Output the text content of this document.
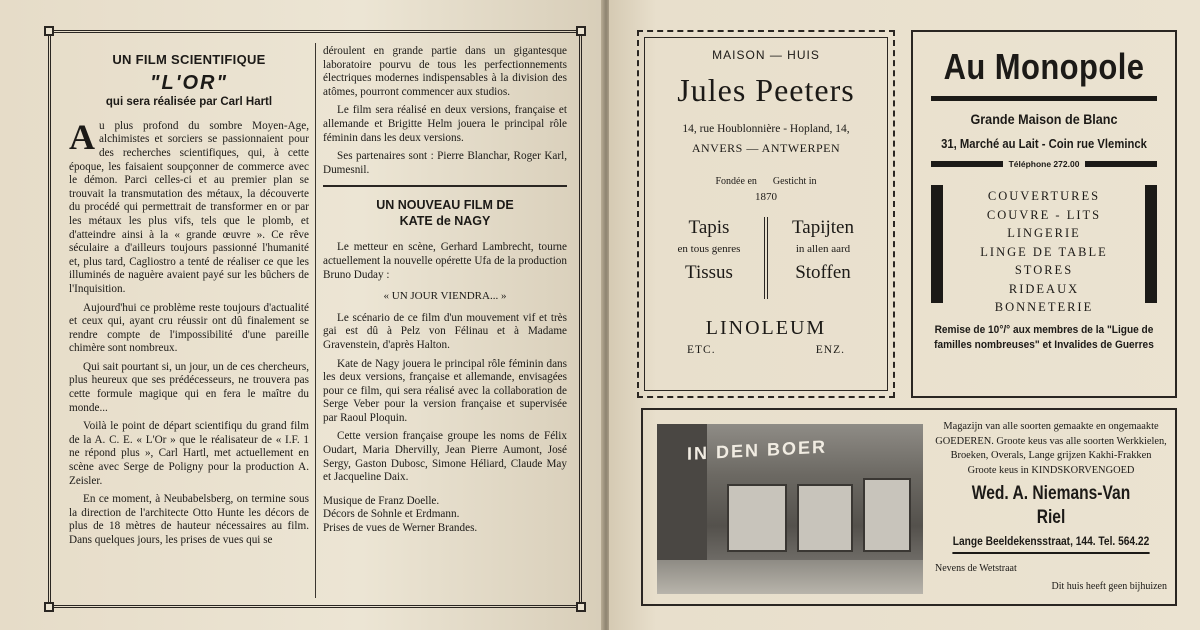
UN FILM SCIENTIFIQUE
"L'OR"
qui sera réalisée par Carl Hartl

Au plus profond du sombre Moyen-Age, alchimistes et sorciers se passionnaient pour des recherches scientifiques, qui, à cette époque, les faisaient soupçonner de commerce avec le démon. Parci celles-ci et au premier plan se trouvait la transmutation des métaux, la découverte du procédé qui permettrait de transformer en or par les métaux les plus vifs, tels que le plomb, et d'atteindre ainsi à la « grande œuvre ». Ce rêve séculaire a d'ailleurs toujours passionné l'humanité et, plus tard, Cagliostro a tenté de réaliser ce que les illuminés de naguère avaient payé sur les bûchers de l'Inquisition.

Aujourd'hui ce problème reste toujours d'actualité et ceux qui, ayant cru réussir ont dû finalement se rendre compte de l'impossibilité d'une pareille chimère sont nombreux.

Qui sait pourtant si, un jour, un de ces chercheurs, plus heureux que ses prédécesseurs, ne trouvera pas cette formule magique qui en fera le maître du monde...

Voilà le point de départ scientifiqu du grand film de la A. C. E. « L'Or » que le réalisateur de « I.F. 1 ne répond plus », Carl Hartl, met actuellement en scène avec Serge de Poligny pour la production A. Zeisler.

En ce moment, à Neubabelsberg, on termine sous la direction de l'architecte Otto Hunte les décors de plus de 18 mètres de hauteur nécessaires au film. Dans quelques jours, les prises de vues qui se

déroulent en grande partie dans un gigantesque laboratoire pourvu de tous les perfectionnements électriques modernes indispensables à la division des atômes, pourront commencer aux studios.

Le film sera réalisé en deux versions, française et allemande et Brigitte Helm jouera le principal rôle féminin dans les deux versions.

Ses partenaires sont : Pierre Blanchar, Roger Karl, Dumesnil.

UN NOUVEAU FILM DE
KATE de NAGY

Le metteur en scène, Gerhard Lambrecht, tourne actuellement la nouvelle opérette Ufa de la production Bruno Duday :

« UN JOUR VIENDRA... »

Le scénario de ce film d'un mouvement vif et très gai est dû à Pelz von Félinau et à Madame Gravenstein, d'après Halton.

Kate de Nagy jouera le principal rôle féminin dans les deux versions, française et allemande, envisagées pour ce film, qui sera réalisé avec la collaboration de Serge Veber pour la version française et supervisée par Raoul Ploquin.

Cette version française groupe les noms de Félix Oudart, Maria Dhervilly, Jean Pierre Aumont, José Sergy, Gaston Dubosc, Simone Héliard, Claude May et Jacqueline Daix.

Musique de Franz Doelle.
Décors de Sohnle et Erdmann.
Prises de vues de Werner Brandes.
MAISON — HUIS
Jules Peeters
14, rue Houblonnière - Hopland, 14,
ANVERS — ANTWERPEN
Fondée en Gesticht in
1870
Tapis
en tous genres
Tissus
Tapijten
in allen aard
Stoffen
LINOLEUM
ETC.	ENZ.
Au Monopole
Grande Maison de Blanc
31, Marché au Lait - Coin rue Vleminck
Téléphone 272.00
COUVERTURES
COUVRE - LITS
LINGERIE
LINGE DE TABLE
STORES
RIDEAUX
BONNETERIE
Remise de 10°/° aux membres de la "Ligue de familles nombreuses" et Invalides de Guerres
IN DEN BOER
Magazijn van alle soorten gemaakte en ongemaakte GOEDEREN. Groote keus vas alle soorten Werkkielen, Broeken, Overals, Lange grijzen Kakhi-Frakken
Groote keus in KINDSKORVENGOED
Wed. A. Niemans-Van Riel
Lange Beeldekensstraat, 144. Tel. 564.22
Nevens de Wetstraat
Dit huis heeft geen bijhuizen
